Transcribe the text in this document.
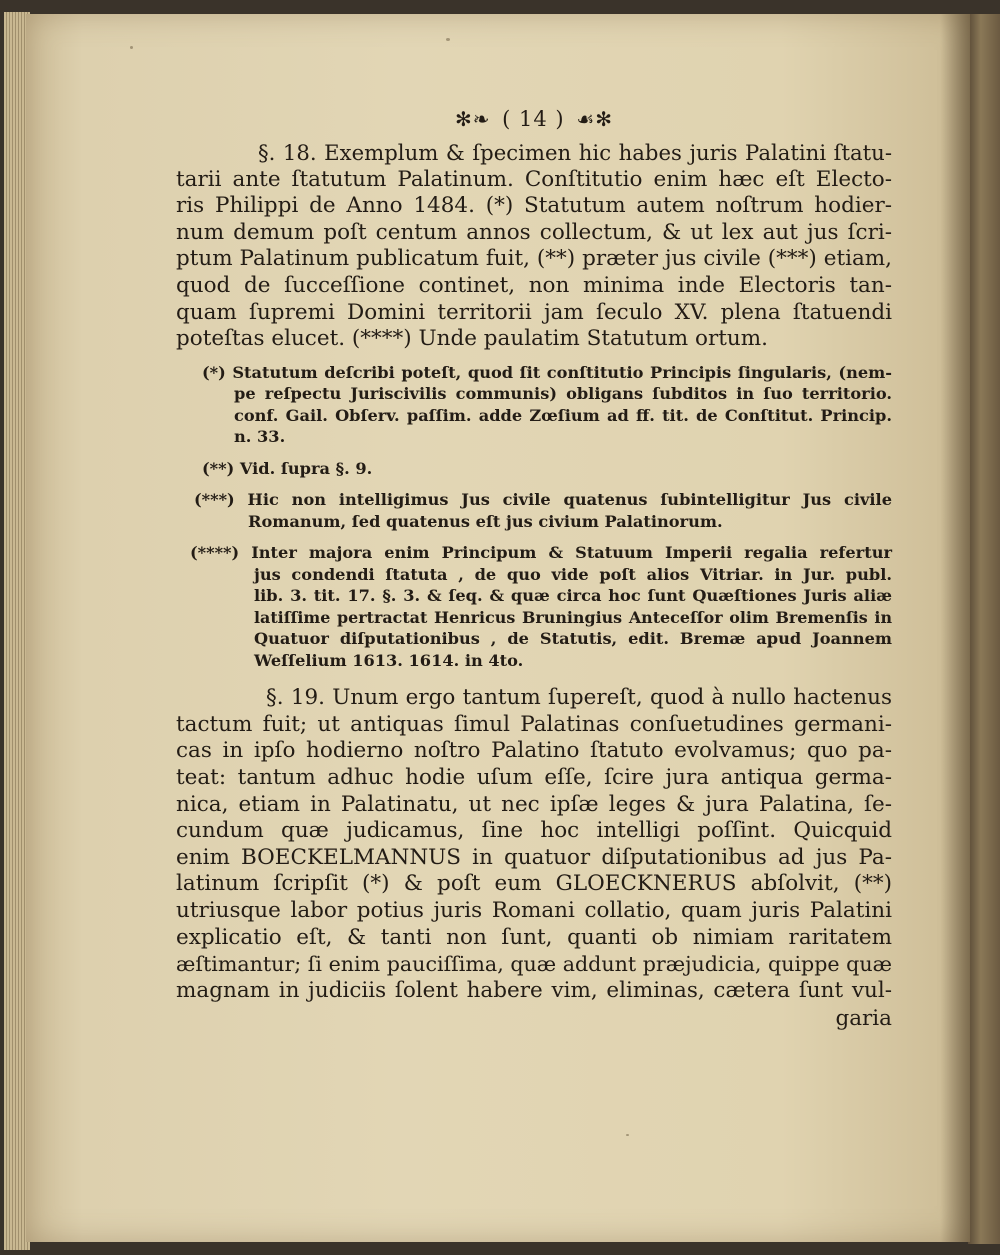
✻❧ ( 14 ) ☙✻
§. 18. Exemplum & ſpecimen hic habes juris Palatini ſtatu-
tarii ante ſtatutum Palatinum. Conſtitutio enim hæc eſt Electo-
ris Philippi de Anno 1484. (*) Statutum autem noſtrum hodier-
num demum poſt centum annos collectum, & ut lex aut jus ſcri-
ptum Palatinum publicatum fuit, (**) præter jus civile (***) etiam,
quod de ſucceſſione continet, non minima inde Electoris tan-
quam ſupremi Domini territorii jam ſeculo XV. plena ſtatuendi
poteſtas elucet. (****) Unde paulatim Statutum ortum.
(*) Statutum deſcribi poteſt, quod ſit conſtitutio Principis ſingularis, (nem-
pe reſpectu Juriscivilis communis) obligans ſubditos in ſuo territorio.
conf. Gail. Obſerv. paſſim. adde Zœſium ad ff. tit. de Conſtitut. Princip.
n. 33.
(**) Vid. ſupra §. 9.
(***) Hic non intelligimus Jus civile quatenus ſubintelligitur Jus civile
Romanum, ſed quatenus eſt jus civium Palatinorum.
(****) Inter majora enim Principum & Statuum Imperii regalia refertur
jus condendi ſtatuta , de quo vide poſt alios Vitriar. in Jur. publ.
lib. 3. tit. 17. §. 3. & ſeq. & quæ circa hoc ſunt Quæſtiones Juris aliæ
latiſſime pertractat Henricus Bruningius Anteceſſor olim Bremenſis in
Quatuor diſputationibus , de Statutis, edit. Bremæ apud Joannem
Weſſelium 1613. 1614. in 4to.
§. 19. Unum ergo tantum ſupereſt, quod à nullo hactenus
tactum fuit; ut antiquas ſimul Palatinas conſuetudines germani-
cas in ipſo hodierno noſtro Palatino ſtatuto evolvamus; quo pa-
teat: tantum adhuc hodie uſum eſſe, ſcire jura antiqua germa-
nica, etiam in Palatinatu, ut nec ipſæ leges & jura Palatina, ſe-
cundum quæ judicamus, ſine hoc intelligi poſſint. Quicquid
enim BOECKELMANNUS in quatuor diſputationibus ad jus Pa-
latinum ſcripſit (*) & poſt eum GLOECKNERUS abſolvit, (**)
utriusque labor potius juris Romani collatio, quam juris Palatini
explicatio eſt, & tanti non ſunt, quanti ob nimiam raritatem
æſtimantur; ſi enim pauciſſima, quæ addunt præjudicia, quippe quæ
magnam in judiciis ſolent habere vim, eliminas, cætera ſunt vul-
garia
